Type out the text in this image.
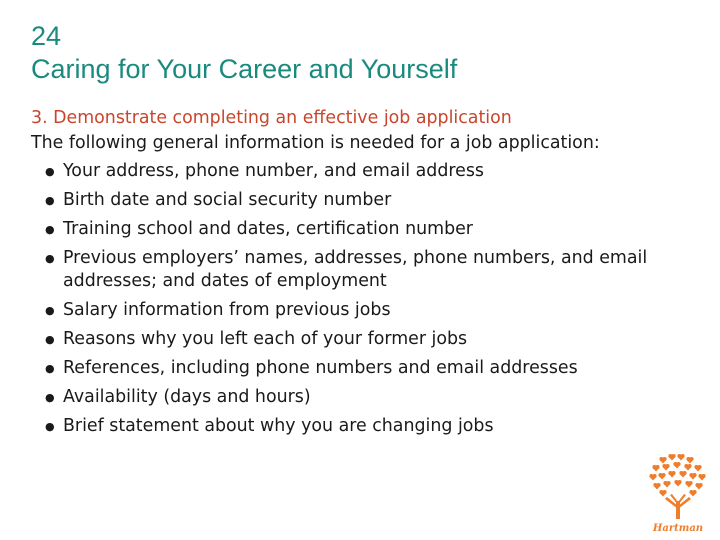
24
Caring for Your Career and Yourself
3. Demonstrate completing an effective job application
The following general information is needed for a job application:
● Your address, phone number, and email address
● Birth date and social security number
● Training school and dates, certification number
● Previous employers’ names, addresses, phone numbers, and email addresses; and dates of employment
● Salary information from previous jobs
● Reasons why you left each of your former jobs
● References, including phone numbers and email addresses
● Availability (days and hours)
● Brief statement about why you are changing jobs
Hartman
